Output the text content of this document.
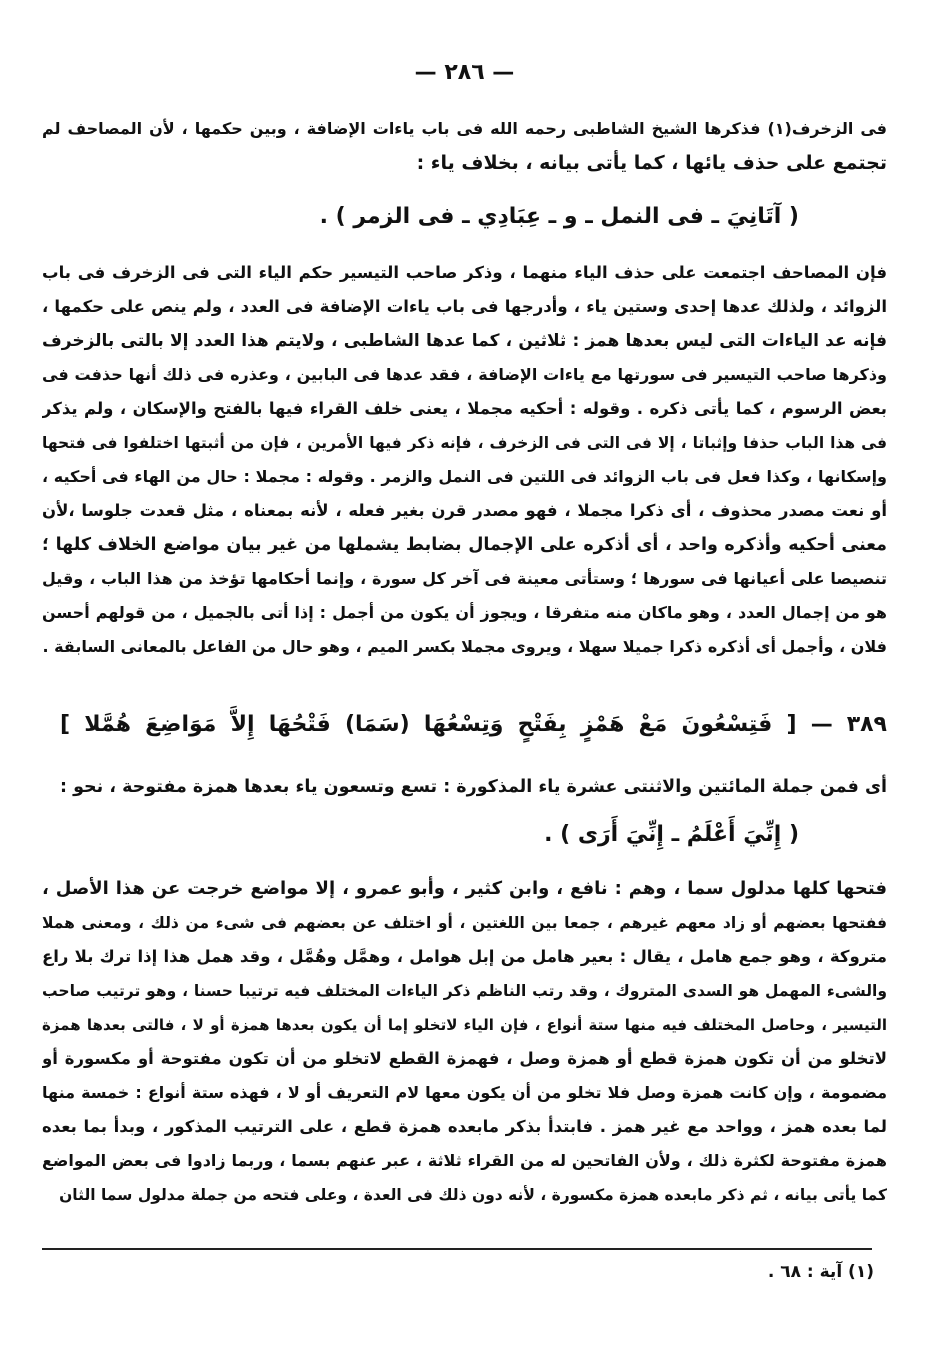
— ٢٨٦ —
فى الزخرف(١) فذكرها الشيخ الشاطبى رحمه الله فى باب ياءات الإضافة ، وبين حكمها ، لأن المصاحف لم
تجتمع على حذف يائها ، كما يأتى بيانه ، بخلاف ياء :
( آتَانِيَ ـ فى النمل ـ و ـ عِبَادِي ـ فى الزمر ) .
فإن المصاحف اجتمعت على حذف الياء منهما ، وذكر صاحب التيسير حكم الياء التى فى الزخرف فى باب
الزوائد ، ولذلك عدها إحدى وستين ياء ، وأدرجها فى باب ياءات الإضافة فى العدد ، ولم ينص على حكمها ،
فإنه عد الياءات التى ليس بعدها همز : ثلاثين ، كما عدها الشاطبى ، ولايتم هذا العدد إلا بالتى بالزخرف
وذكرها صاحب التيسير فى سورتها مع ياءات الإضافة ، فقد عدها فى البابين ، وعذره فى ذلك أنها حذفت فى
بعض الرسوم ، كما يأتى ذكره . وقوله : أحكيه مجملا ، يعنى خلف القراء فيها بالفتح والإسكان ، ولم يذكر
فى هذا الباب حذفا وإثباتا ، إلا فى التى فى الزخرف ، فإنه ذكر فيها الأمرين ، فإن من أثبتها اختلفوا فى فتحها
وإسكانها ، وكذا فعل فى باب الزوائد فى اللتين فى النمل والزمر . وقوله : مجملا : حال من الهاء فى أحكيه ،
أو نعت مصدر محذوف ، أى ذكرا مجملا ، فهو مصدر قرن بغير فعله ، لأنه بمعناه ، مثل قعدت جلوسا ،لأن
معنى أحكيه وأذكره واحد ، أى أذكره على الإجمال بضابط يشملها من غير بيان مواضع الخلاف كلها ؛
تنصيصا على أعيانها فى سورها ؛ وستأتى معينة فى آخر كل سورة ، وإنما أحكامها تؤخذ من هذا الباب ، وقيل
هو من إجمال العدد ، وهو ماكان منه متفرقا ، ويجوز أن يكون من أجمل : إذا أتى بالجميل ، من قولهم أحسن
فلان ، وأجمل أى أذكره ذكرا جميلا سهلا ، ويروى مجملا بكسر الميم ، وهو حال من الفاعل بالمعانى السابقة .
٣٨٩
— [ فَتِسْعُونَ مَعْ هَمْزٍ بِفَتْحٍ وَتِسْعُهَا (سَمَا) فَتْحُهَا إِلاَّ مَوَاضِعَ هُمَّلا ]
أى فمن جملة المائتين والاثنتى عشرة ياء المذكورة : تسع وتسعون ياء بعدها همزة مفتوحة ، نحو :
( إِنِّيَ أَعْلَمُ ـ إِنِّيَ أَرَى ) .
فتحها كلها مدلول سما ، وهم : نافع ، وابن كثير ، وأبو عمرو ، إلا مواضع خرجت عن هذا الأصل ،
ففتحها بعضهم أو زاد معهم غيرهم ، جمعا بين اللغتين ، أو اختلف عن بعضهم فى شىء من ذلك ، ومعنى هملا
متروكة ، وهو جمع هامل ، يقال : بعير هامل من إبل هوامل ، وهمَّل وهُمَّل ، وقد همل هذا إذا ترك بلا راع
والشىء المهمل هو السدى المتروك ، وقد رتب الناظم ذكر الياءات المختلف فيه ترتيبا حسنا ، وهو ترتيب صاحب
التيسير ، وحاصل المختلف فيه منها ستة أنواع ، فإن الياء لاتخلو إما أن يكون بعدها همزة أو لا ، فالتى بعدها همزة
لاتخلو من أن تكون همزة قطع أو همزة وصل ، فهمزة القطع لاتخلو من أن تكون مفتوحة أو مكسورة أو
مضمومة ، وإن كانت همزة وصل فلا تخلو من أن يكون معها لام التعريف أو لا ، فهذه ستة أنواع : خمسة منها
لما بعده همز ، وواحد مع غير همز . فابتدأ بذكر مابعده همزة قطع ، على الترتيب المذكور ، وبدأ بما بعده
همزة مفتوحة لكثرة ذلك ، ولأن الفاتحين له من القراء ثلاثة ، عبر عنهم بسما ، وربما زادوا فى بعض المواضع
كما يأتى بيانه ، ثم ذكر مابعده همزة مكسورة ، لأنه دون ذلك فى العدة ، وعلى فتحه من جملة مدلول سما الثان
(١) آية : ٦٨ .
